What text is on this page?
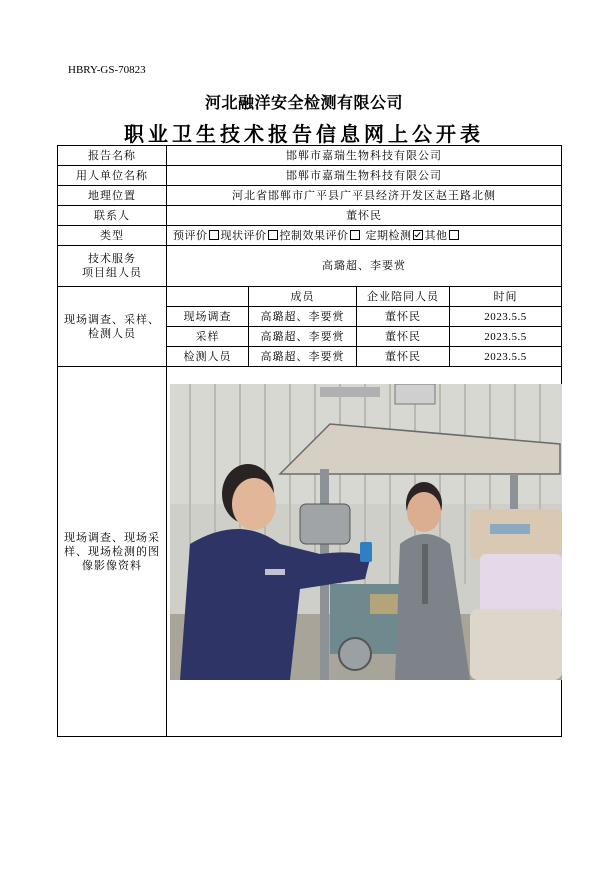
HBRY-GS-70823
河北融洋安全检测有限公司
职业卫生技术报告信息网上公开表
报告名称	邯郸市嘉瑞生物科技有限公司			
用人单位名称	邯郸市嘉瑞生物科技有限公司			
地理位置	河北省邯郸市广平县广平县经济开发区赵王路北侧			
联系人	董怀民			
类型	预评价 现状评价 控制效果评价 定期检测 其他			

技术服务
项目组人员	高璐超、李要赏			
现场调查、采样、检测人员		成员	企业陪同人员	时间
	现场调查	高璐超、李要赏	董怀民	2023.5.5
	采样	高璐超、李要赏	董怀民	2023.5.5
	检测人员	高璐超、李要赏	董怀民	2023.5.5
现场调查、现场采样、现场检测的图像影像资料	
